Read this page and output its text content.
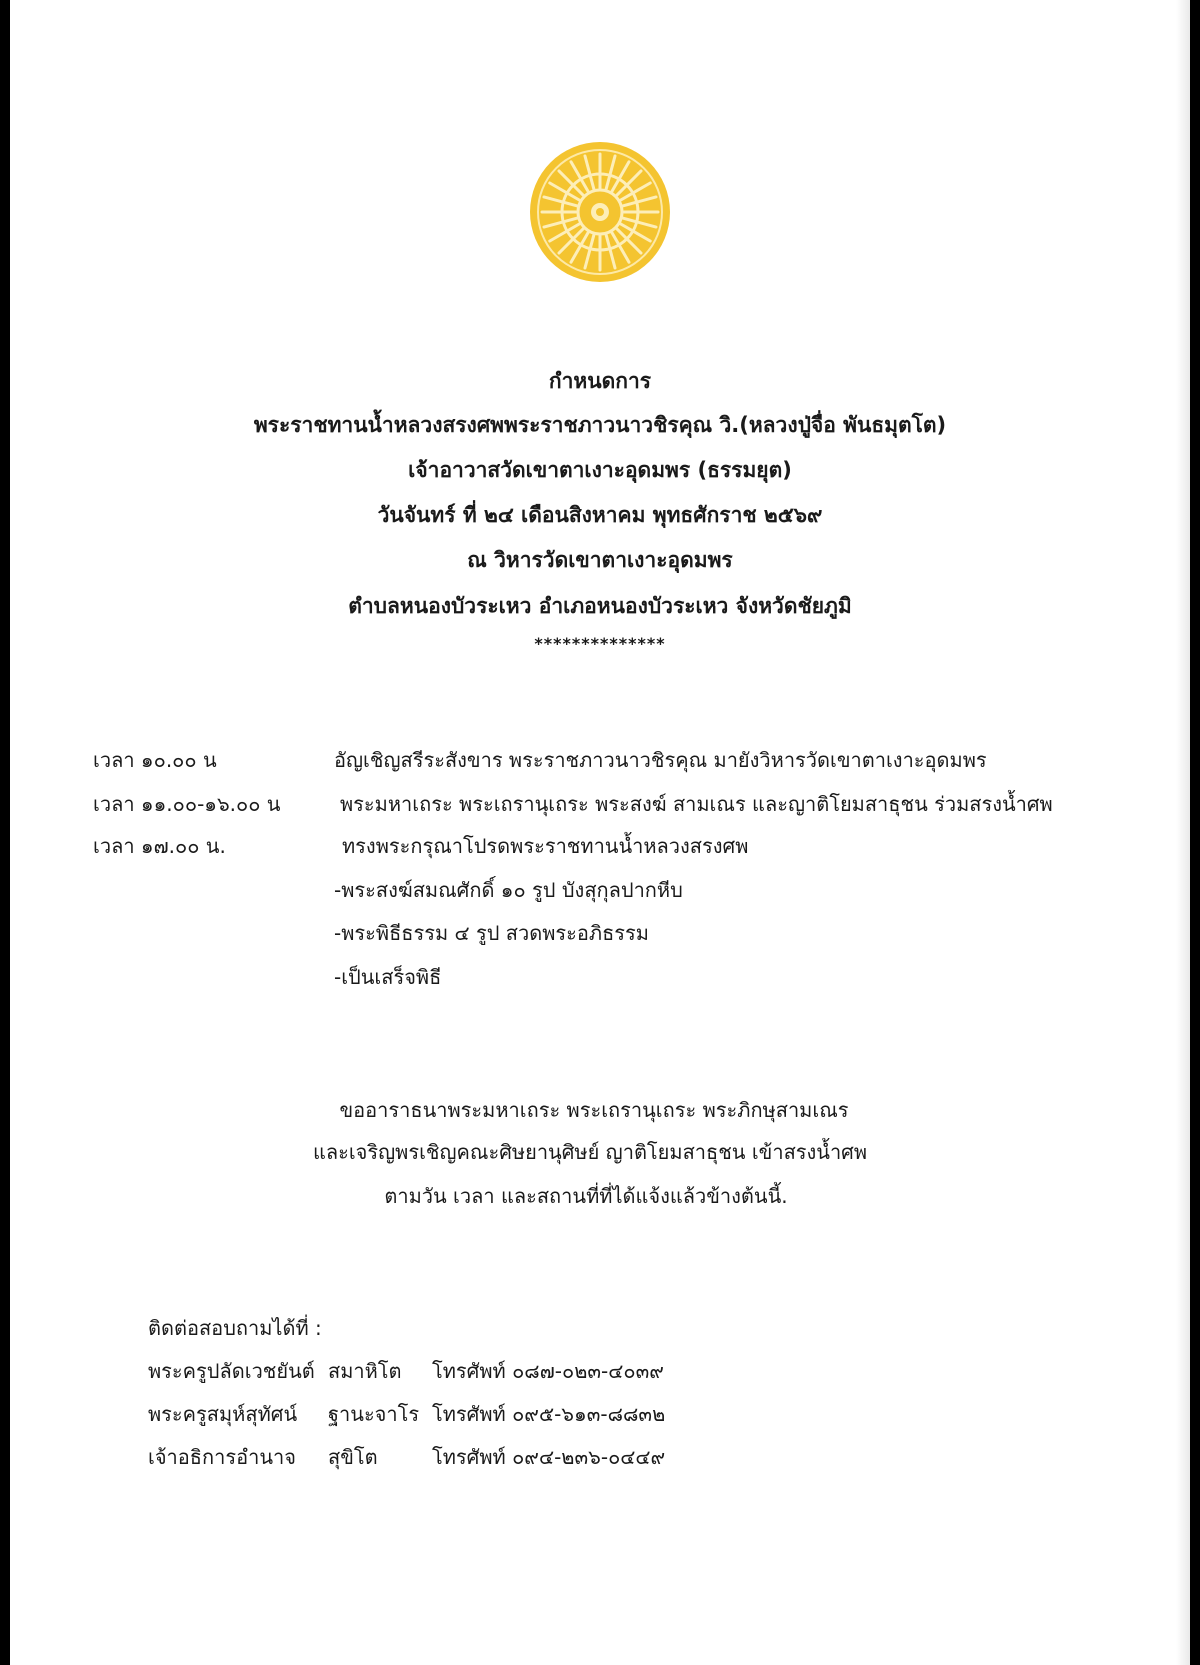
กำหนดการ
พระราชทานน้ำหลวงสรงศพพระราชภาวนาวชิรคุณ วิ.(หลวงปู่จื่อ พันธมุตโต)
เจ้าอาวาสวัดเขาตาเงาะอุดมพร (ธรรมยุต)
วันจันทร์ ที่ ๒๔ เดือนสิงหาคม พุทธศักราช ๒๕๖๙
ณ วิหารวัดเขาตาเงาะอุดมพร
ตำบลหนองบัวระเหว อำเภอหนองบัวระเหว จังหวัดชัยภูมิ
**************
เวลา ๑๐.๐๐ น	อัญเชิญสรีระสังขาร พระราชภาวนาวชิรคุณ มายังวิหารวัดเขาตาเงาะอุดมพร
เวลา ๑๑.๐๐-๑๖.๐๐ น	พระมหาเถระ พระเถรานุเถระ พระสงฆ์ สามเณร และญาติโยมสาธุชน ร่วมสรงน้ำศพ
เวลา ๑๗.๐๐ น.	ทรงพระกรุณาโปรดพระราชทานน้ำหลวงสรงศพ
-พระสงฆ์สมณศักดิ์ ๑๐ รูป บังสุกุลปากหีบ
-พระพิธีธรรม ๔ รูป สวดพระอภิธรรม
-เป็นเสร็จพิธี
ขออาราธนาพระมหาเถระ พระเถรานุเถระ พระภิกษุสามเณร
และเจริญพรเชิญคณะศิษยานุศิษย์ ญาติโยมสาธุชน เข้าสรงน้ำศพ
ตามวัน เวลา และสถานที่ที่ได้แจ้งแล้วข้างต้นนี้.
ติดต่อสอบถามได้ที่ :
พระครูปลัดเวชยันต์ สมาหิโต โทรศัพท์ ๐๘๗-๐๒๓-๔๐๓๙
พระครูสมุห์สุทัศน์ ฐานะจาโร โทรศัพท์ ๐๙๕-๖๑๓-๘๘๓๒
เจ้าอธิการอำนาจ สุขิโต	โทรศัพท์ ๐๙๔-๒๓๖-๐๔๔๙
